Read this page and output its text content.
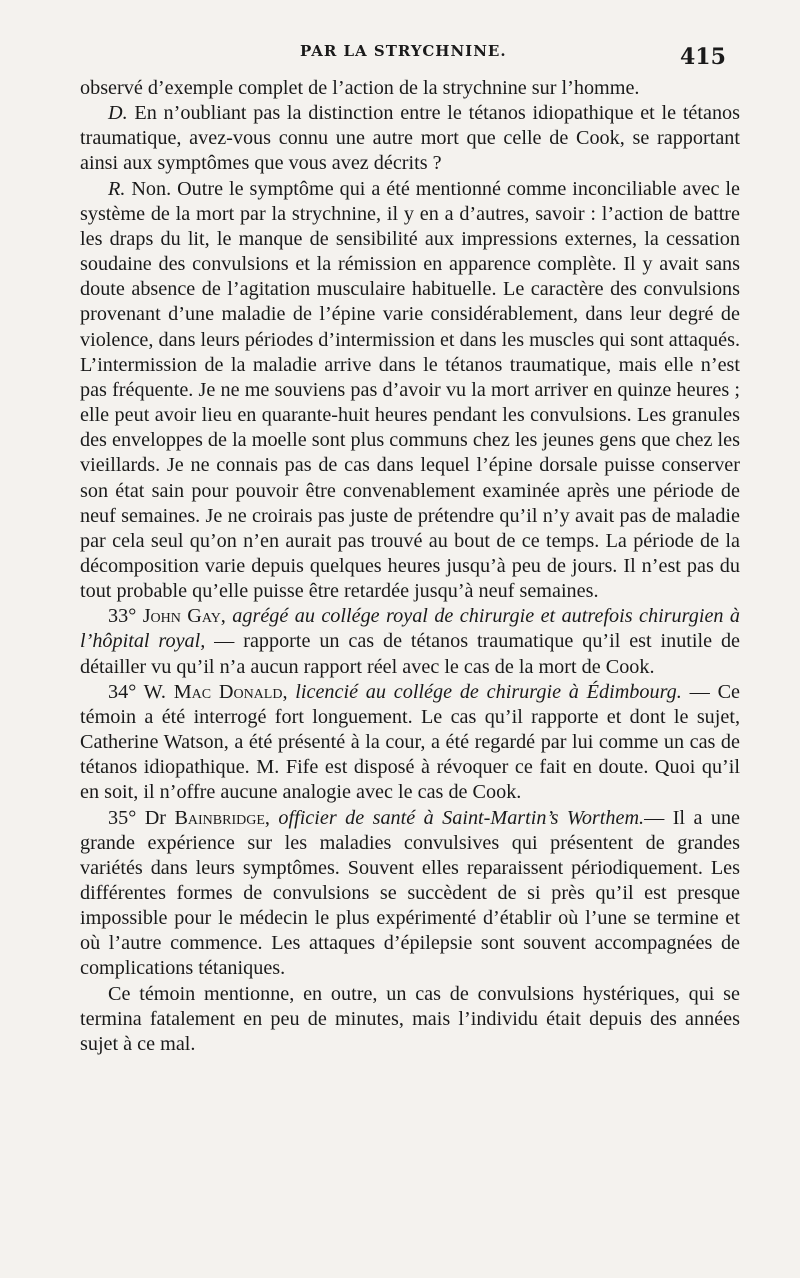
PAR LA STRYCHNINE.	415

observé d’exemple complet de l’action de la strychnine sur l’homme.

D. En n’oubliant pas la distinction entre le tétanos idiopathique et le tétanos traumatique, avez-vous connu une autre mort que celle de Cook, se rapportant ainsi aux symptômes que vous avez décrits ?

R. Non. Outre le symptôme qui a été mentionné comme inconciliable avec le système de la mort par la strychnine, il y en a d’autres, savoir : l’action de battre les draps du lit, le manque de sensibilité aux impressions externes, la cessation soudaine des convulsions et la rémission en apparence complète. Il y avait sans doute absence de l’agitation musculaire habituelle. Le caractère des convulsions provenant d’une maladie de l’épine varie considérablement, dans leur degré de violence, dans leurs périodes d’intermission et dans les muscles qui sont attaqués. L’intermission de la maladie arrive dans le tétanos traumatique, mais elle n’est pas fréquente. Je ne me souviens pas d’avoir vu la mort arriver en quinze heures ; elle peut avoir lieu en quarante-huit heures pendant les convulsions. Les granules des enveloppes de la moelle sont plus communs chez les jeunes gens que chez les vieillards. Je ne connais pas de cas dans lequel l’épine dorsale puisse conserver son état sain pour pouvoir être convenablement examinée après une période de neuf semaines. Je ne croirais pas juste de prétendre qu’il n’y avait pas de maladie par cela seul qu’on n’en aurait pas trouvé au bout de ce temps. La période de la décomposition varie depuis quelques heures jusqu’à peu de jours. Il n’est pas du tout probable qu’elle puisse être retardée jusqu’à neuf semaines.

33° John Gay, agrégé au collége royal de chirurgie et autrefois chirurgien à l’hôpital royal, — rapporte un cas de tétanos traumatique qu’il est inutile de détailler vu qu’il n’a aucun rapport réel avec le cas de la mort de Cook.

34° W. Mac Donald, licencié au collége de chirurgie à Édimbourg. — Ce témoin a été interrogé fort longuement. Le cas qu’il rapporte et dont le sujet, Catherine Watson, a été présenté à la cour, a été regardé par lui comme un cas de tétanos idiopathique. M. Fife est disposé à révoquer ce fait en doute. Quoi qu’il en soit, il n’offre aucune analogie avec le cas de Cook.

35° Dr Bainbridge, officier de santé à Saint-Martin’s Worthem.— Il a une grande expérience sur les maladies convulsives qui présentent de grandes variétés dans leurs symptômes. Souvent elles reparaissent périodiquement. Les différentes formes de convulsions se succèdent de si près qu’il est presque impossible pour le médecin le plus expérimenté d’établir où l’une se termine et où l’autre commence. Les attaques d’épilepsie sont souvent accompagnées de complications tétaniques.

Ce témoin mentionne, en outre, un cas de convulsions hystériques, qui se termina fatalement en peu de minutes, mais l’individu était depuis des années sujet à ce mal.
